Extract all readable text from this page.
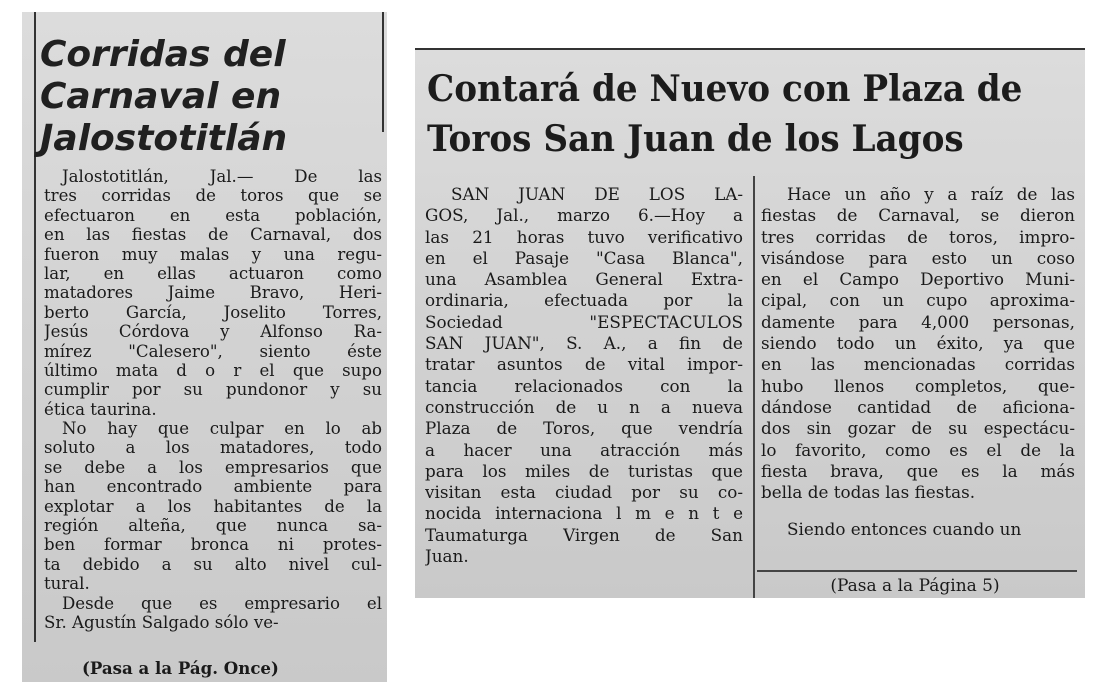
Corridas del
Carnaval en
Jalostotitlán

Jalostotitlán, Jal.— De las
tres corridas de toros que se
efectuaron en esta población,
en las fiestas de Carnaval, dos
fueron muy malas y una regu-
lar, en ellas actuaron como
matadores Jaime Bravo, Heri-
berto García, Joselito Torres,
Jesús Córdova y Alfonso Ra-
mírez "Calesero", siento éste
último mata d o r el que supo
cumplir por su pundonor y su
ética taurina.

No hay que culpar en lo ab
soluto a los matadores, todo
se debe a los empresarios que
han encontrado ambiente para
explotar a los habitantes de la
región alteña, que nunca sa-
ben formar bronca ni protes-
ta debido a su alto nivel cul-
tural.

Desde que es empresario el
Sr. Agustín Salgado sólo ve-

(Pasa a la Pág. Once)
Contará de Nuevo con Plaza de
Toros San Juan de los Lagos

SAN JUAN DE LOS LA-
GOS, Jal., marzo 6.—Hoy a
las 21 horas tuvo verificativo
en el Pasaje "Casa Blanca",
una Asamblea General Extra-
ordinaria, efectuada por la
Sociedad "ESPECTACULOS
SAN JUAN", S. A., a fin de
tratar asuntos de vital impor-
tancia relacionados con la
construcción de u n a nueva
Plaza de Toros, que vendría
a hacer una atracción más
para los miles de turistas que
visitan esta ciudad por su co-
nocida internaciona l m e n t e
Taumaturga Virgen de San
Juan.

Hace un año y a raíz de las
fiestas de Carnaval, se dieron
tres corridas de toros, impro-
visándose para esto un coso
en el Campo Deportivo Muni-
cipal, con un cupo aproxima-
damente para 4,000 personas,
siendo todo un éxito, ya que
en las mencionadas corridas
hubo llenos completos, que-
dándose cantidad de aficiona-
dos sin gozar de su espectácu-
lo favorito, como es el de la
fiesta brava, que es la más
bella de todas las fiestas.

Siendo entonces cuando un

(Pasa a la Página 5)
